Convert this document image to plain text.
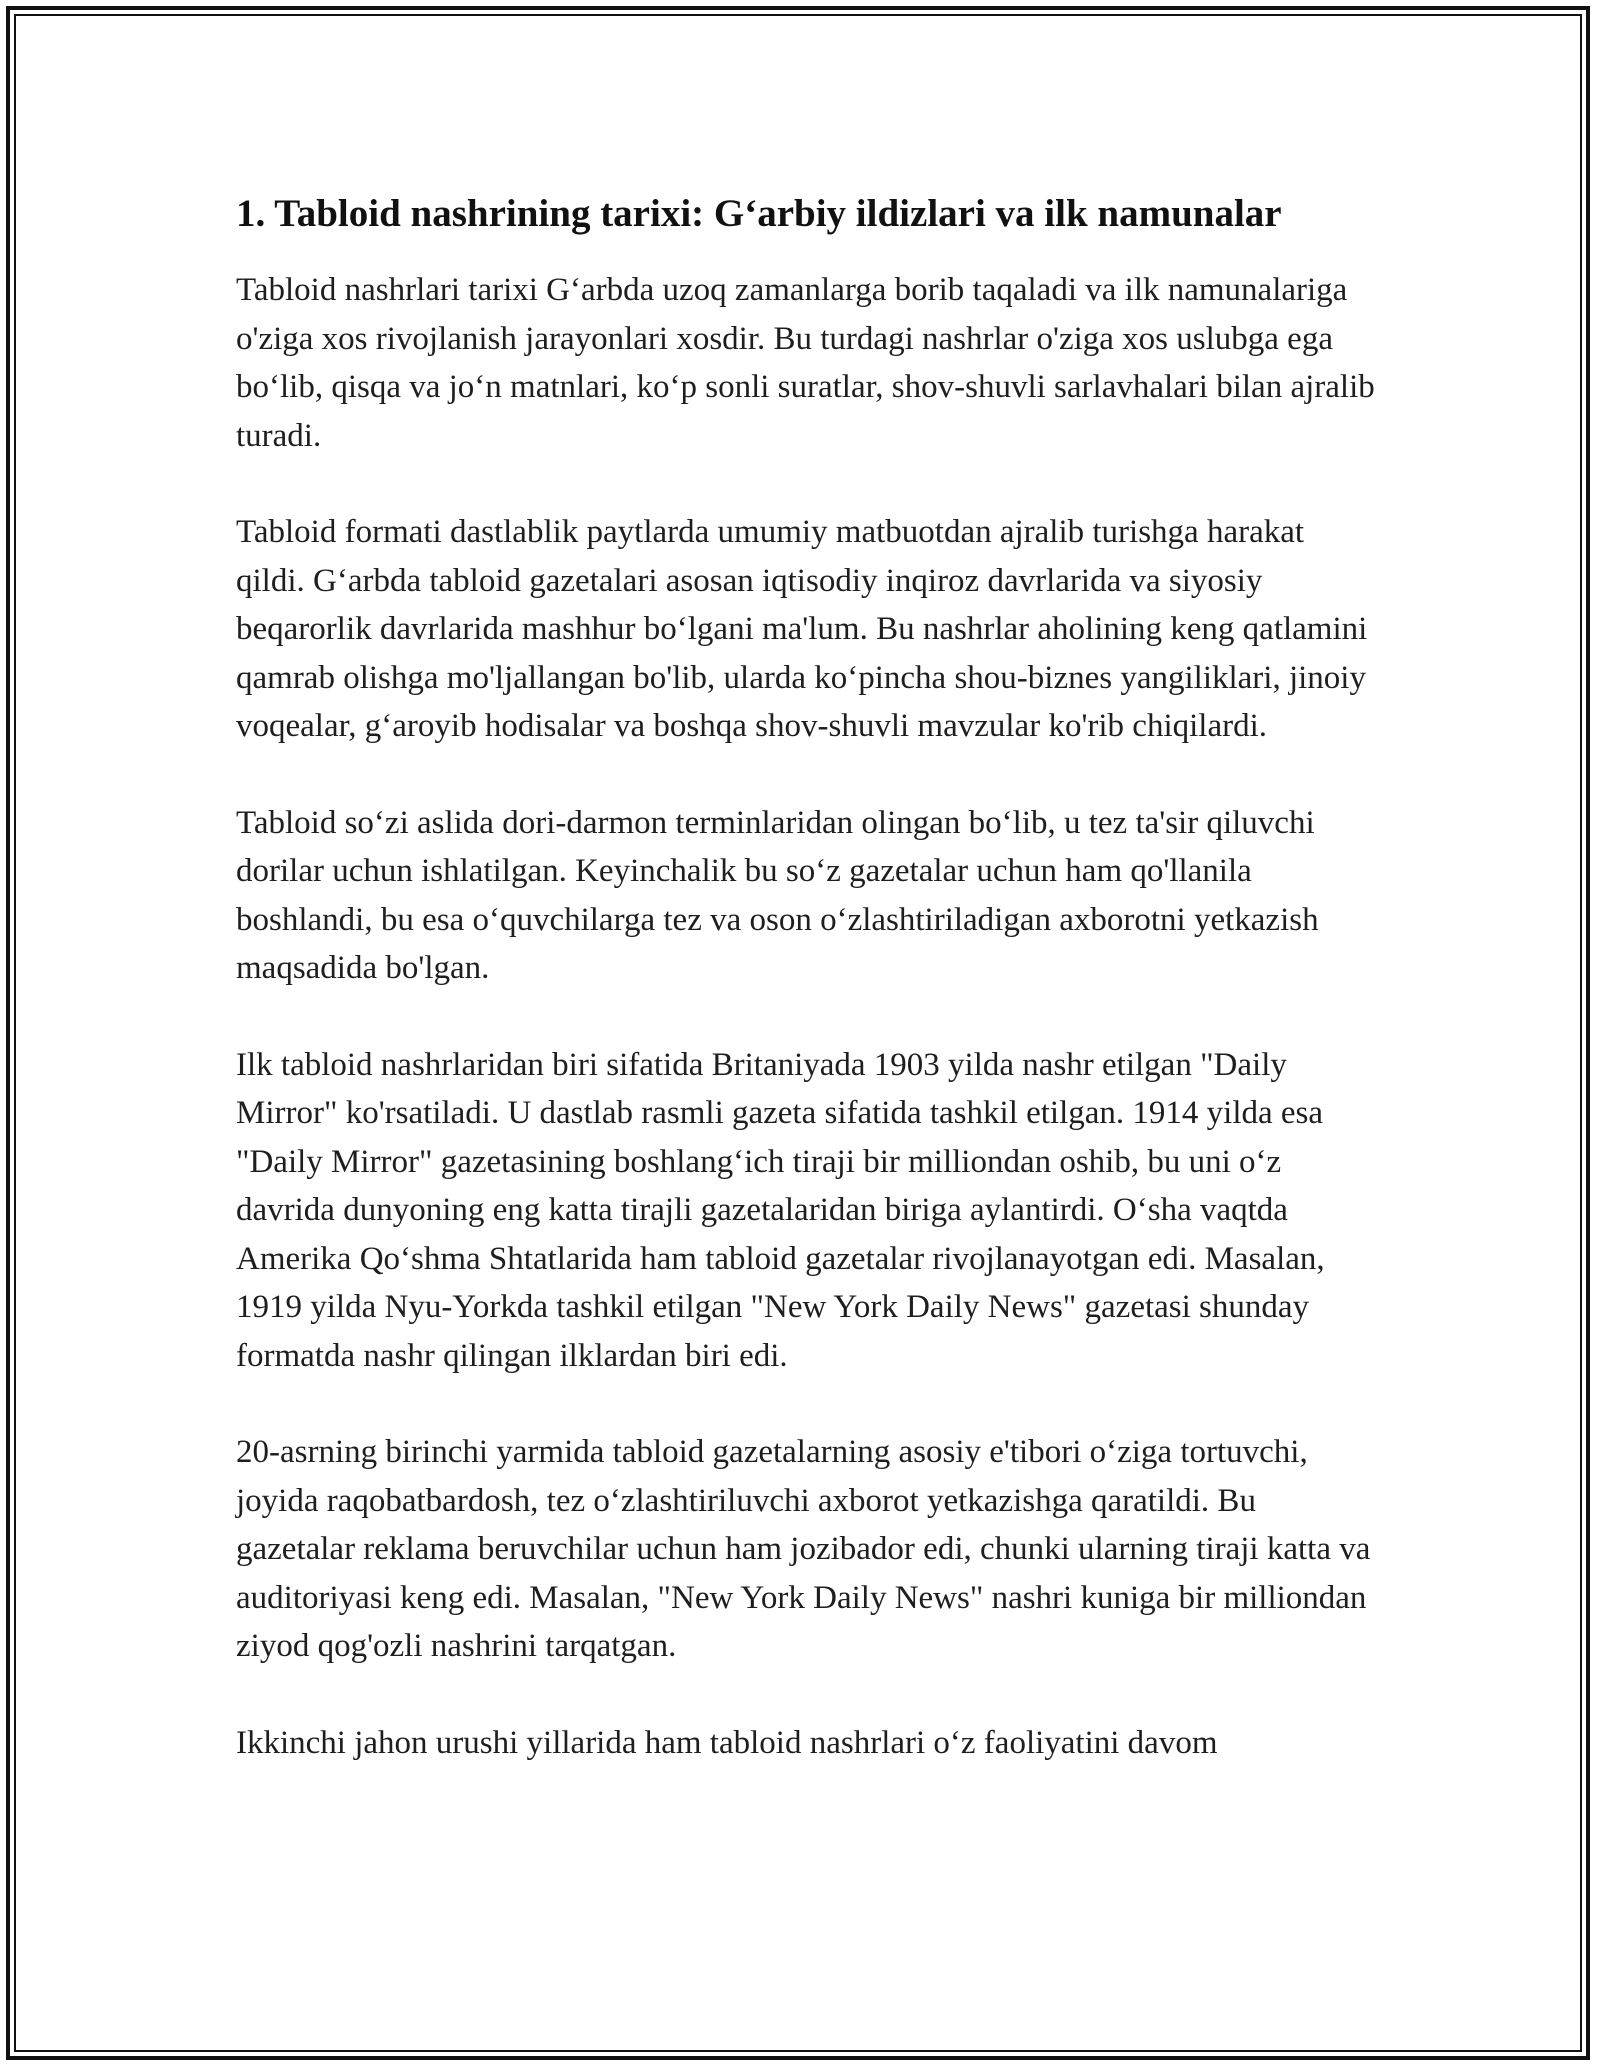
1. Tabloid nashrining tarixi: G‘arbiy ildizlari va ilk namunalar

Tabloid nashrlari tarixi G‘arbda uzoq zamanlarga borib taqaladi va ilk namunalariga o'ziga xos rivojlanish jarayonlari xosdir. Bu turdagi nashrlar o'ziga xos uslubga ega bo‘lib, qisqa va jo‘n matnlari, ko‘p sonli suratlar, shov-shuvli sarlavhalari bilan ajralib turadi.

Tabloid formati dastlablik paytlarda umumiy matbuotdan ajralib turishga harakat qildi. G‘arbda tabloid gazetalari asosan iqtisodiy inqiroz davrlarida va siyosiy beqarorlik davrlarida mashhur bo‘lgani ma'lum. Bu nashrlar aholining keng qatlamini qamrab olishga mo'ljallangan bo'lib, ularda ko‘pincha shou-biznes yangiliklari, jinoiy voqealar, g‘aroyib hodisalar va boshqa shov-shuvli mavzular ko'rib chiqilardi.

Tabloid so‘zi aslida dori-darmon terminlaridan olingan bo‘lib, u tez ta'sir qiluvchi dorilar uchun ishlatilgan. Keyinchalik bu so‘z gazetalar uchun ham qo'llanila boshlandi, bu esa o‘quvchilarga tez va oson o‘zlashtiriladigan axborotni yetkazish maqsadida bo'lgan.

Ilk tabloid nashrlaridan biri sifatida Britaniyada 1903 yilda nashr etilgan "Daily Mirror" ko'rsatiladi. U dastlab rasmli gazeta sifatida tashkil etilgan. 1914 yilda esa "Daily Mirror" gazetasining boshlang‘ich tiraji bir milliondan oshib, bu uni o‘z davrida dunyoning eng katta tirajli gazetalaridan biriga aylantirdi. O‘sha vaqtda Amerika Qo‘shma Shtatlarida ham tabloid gazetalar rivojlanayotgan edi. Masalan, 1919 yilda Nyu-Yorkda tashkil etilgan "New York Daily News" gazetasi shunday formatda nashr qilingan ilklardan biri edi.

20-asrning birinchi yarmida tabloid gazetalarning asosiy e'tibori o‘ziga tortuvchi, joyida raqobatbardosh, tez o‘zlashtiriluvchi axborot yetkazishga qaratildi. Bu gazetalar reklama beruvchilar uchun ham jozibador edi, chunki ularning tiraji katta va auditoriyasi keng edi. Masalan, "New York Daily News" nashri kuniga bir milliondan ziyod qog'ozli nashrini tarqatgan.

Ikkinchi jahon urushi yillarida ham tabloid nashrlari o‘z faoliyatini davom
